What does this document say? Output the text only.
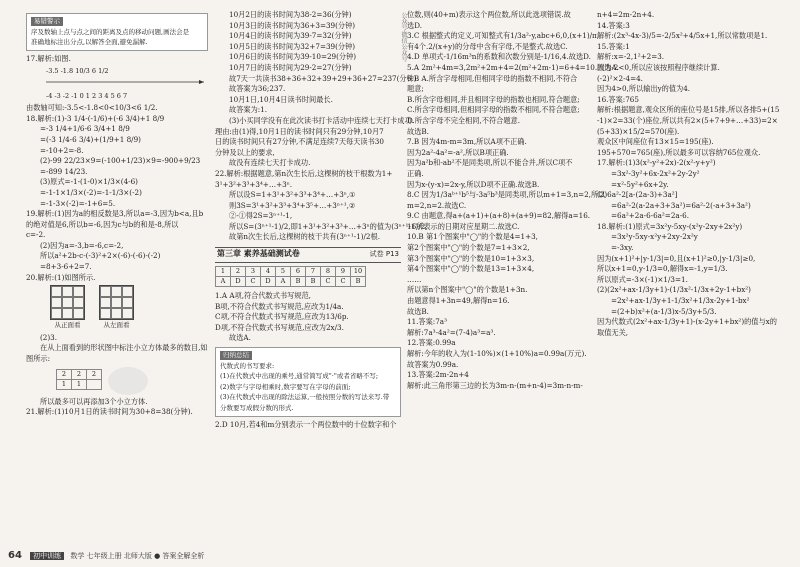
易错警示
序及数轴上点与点之间的距离及点的移动问题,画法会是
准确地标注出分点,以解答全面,避免漏解.
17.解析:如图.
-3.5 -1.8 10/3 6 1/2
-4 -3 -2 -1 0 1 2 3 4 5 6 7
由数轴可知:-3.5<-1.8<0<10/3<6 1/2.
18.解析:(1)-3 1/4-(-1/6)+(-6 3/4)+1 8/9
=-3 1/4+1/6-6 3/4+1 8/9
=(-3 1/4-6 3/4)+(1/9+1 8/9)
=-10+2=-8.
(2)-99 22/23×9=(-100+1/23)×9=-900+9/23
=-899 14/23.
(3)原式=-1-(1-0)×1/3×(4-6)
=-1-1×1/3×(-2)=-1-1/3×(-2)
=-1-3×(-2)=-1+6=5.
19.解析:(1)因为a的相反数是3,所以a=-3,因为b<a,且b
的绝对值是6,所以b=-6,因为c与b的和是-8,所以
c=-2.
(2)因为a=-3,b=-6,c=-2,
所以a²+2b-c-(-3)²+2×(-6)-(-6)-(-2)
=8+3-6+2=7.
20.解析:(1)如图所示.
从正面看	从左面看
(2)3.
在从上面看到的形状图中标注小立方体最多的数目,如
图所示:
2	2	2
1	1	
所以最多可以再添加3个小立方体.
21.解析:(1)10月1日的读书时间为30+8=38(分钟).
10月2日的读书时间为38-2=36(分钟)
10月3日的读书时间为36+3=39(分钟)
10月4日的读书时间为39-7=32(分钟)
10月5日的读书时间为32+7=39(分钟)
10月6日的读书时间为39-10=29(分钟)
10月7日的读书时间为29-2=27(分钟)
故7天一共读书38+36+32+39+29+36+27=237(分钟).
故答案为36;237.
10月1日,10月4日读书时间最长.
故答案为:1.
(3)小买同学没有在此次读书打卡活动中连续七天打卡成功.
理由:由(1)得,10月1日的读书时间只有29分钟,10月7
日的读书时间只有27分钟,不满足连续7天每天读书30
分钟及以上的要求,
故没有连续七天打卡成功.
22.解析:根据题意,第n次生长后,这棵树的枝干根数为1+
3¹+3²+3³+3⁴+…+3ⁿ.
所以设S=1+3¹+3²+3³+3⁴+…+3ⁿ,①
则3S=3¹+3²+3³+3⁴+3⁵+…+3ⁿ⁺¹,②
②-①得2S=3ⁿ⁺¹-1,
所以S=(3ⁿ⁺¹-1)/2,即1+3¹+3²+3³+…+3ⁿ的值为(3ⁿ⁺¹-1)/2,
故第n次生长后,这棵树的枝干共有(3ⁿ⁺¹-1)/2根.
第三章 素养基础测试卷	试卷 P13
1	2	3	4	5	6	7	8	9	10
A	D	C	D	A	B	B	C	C	B
1.A A项,符合代数式书写规范,
B项,不符合代数式书写规范,应改为1/4a.
C项,不符合代数式书写规范,应改为13/6p.
D项,不符合代数式书写规范,应改为2x/3.
故选A.
归纳总结
代数式的书写要求:
(1)在代数式中出现的乘号,通常简写成"·"或者省略不写;
(2)数字与字母相乘时,数字要写在字母的前面;
(3)在代数式中出现的除法运算,一般按照分数的写法来写.带
分数要写成假分数的形式.
2.D 10月,若4和m分别表示一个两位数中的十位数字和个
公众号·微信公众号 位数,则(40+m)表示这个两位数,所以此选项错误.故
选D.
3.C 根据整式的定义,可知整式有1/3a²-y,abc+6,0,(x+1)/π,
有4个.2/(x+y)的分母中含有字母,不是整式.故选C.
4.D 单项式-1/16m³n的系数和次数分别是-1/16,4.故选D.
5.A 2m²+4m=3,2m²+2m+4=2(m²+2m-1)=6+4=10.故选A.
6.B A.所含字母相同,但相同字母的指数不相同,不符合
题意;
B.所含字母相同,并且相同字母的指数也相同,符合题意;
C.所含字母相同,但相同字母的指数不相同,不符合题意;
D.所含字母不完全相同,不符合题意.
故选B.
7.B 因为4m-m=3m,所以A项不正确.
因为2a²-4a²=-a²,所以B项正确.
因为a²b和-ab²不是同类项,所以不能合并,所以C项不
正确.
因为x-(y-x)=2x-y,所以D项不正确.故选B.
8.C 因为1/3aᵇ⁺¹b⁵与-3a⁵b³是同类项,所以m+1=3,n=2,所以
m=2,n=2.故选C.
9.C 由题意,得a+(a+1)+(a+8)+(a+9)=82,解得a=16.
16所表示的日期对应星期二.故选C.
10.B 第1个图案中"◯"的个数是4=1+3,
第2个图案中"◯"的个数是7=1+3×2,
第3个图案中"◯"的个数是10=1+3×3,
第4个图案中"◯"的个数是13=1+3×4,
……
所以第n个图案中"◯"的个数是1+3n.
由题意得1+3n=49,解得n=16.
故选B.
11.答案:7a³
解析:7a³-4a²=(7-4)a³=a³.
12.答案:0.99a
解析:今年的收入为(1-10%)×(1+10%)a=0.99a(万元).
故答案为0.99a.
13.答案:2m-2n+4
解析:此三角形第三边的长为3m-n-(m+n-4)=3m-n-m-
n+4=2m-2n+4.
14.答案:3
解析:(2x³-4x-3)/5=-2/5x²+4/5x+1,所以常数项是1.
15.答案:1
解析:x=-2,1²+2=3.
因为-2<0,所以应该按照程序继续计算.
(-2)²×2-4=4.
因为4>0,所以输出y的值为4.
16.答案:765
解析:根据题意,观众区所的座位号是15排,所以各排5+(15
-1)×2=33(个)座位,所以共有2×(5+7+9+…+33)=2×
(5+33)×15/2=570(座).
观众区中间座位有13×15=195(座).
195+570=765(座),所以最多可以容纳765位观众.
17.解析:(1)3(x²-y²+2x)-2(x²-y+y²)
=3x²-3y²+6x-2x²+2y-2y²
=x²-5y²+6x+2y.
(2)6a²-2[a-(2a-3)+3a²]
=6a²-2(a-2a+3+3a²)=6a²-2(-a+3+3a²)
=6a²+2a-6-6a²=2a-6.
18.解析:(1)原式=3x²y-5xy-(x²y-2xy+2x²y)
=3x²y-5xy-x²y+2xy-2x²y
=-3xy.
因为(x+1)²+|y-1/3|=0,且(x+1)²≥0,|y-1/3|≥0,
所以x+1=0,y-1/3=0,解得x=-1,y=1/3.
所以原式=-3×(-1)×1/3=1.
(2)(2x²+ax-1/3y+1)-(1/3x²-1/3x+2y-1+bx²)
=2x²+ax-1/3y+1-1/3x²+1/3x-2y+1-bx²
=(2+b)x²+(a-1/3)x-5/3y+5/3.
因为代数式(2x²+ax-1/3y+1)-(x-2y+1+bx²)的值与x的
取值无关,
64 初中训练 数学 七年级上册 北师大版 ● 答案全解全析
